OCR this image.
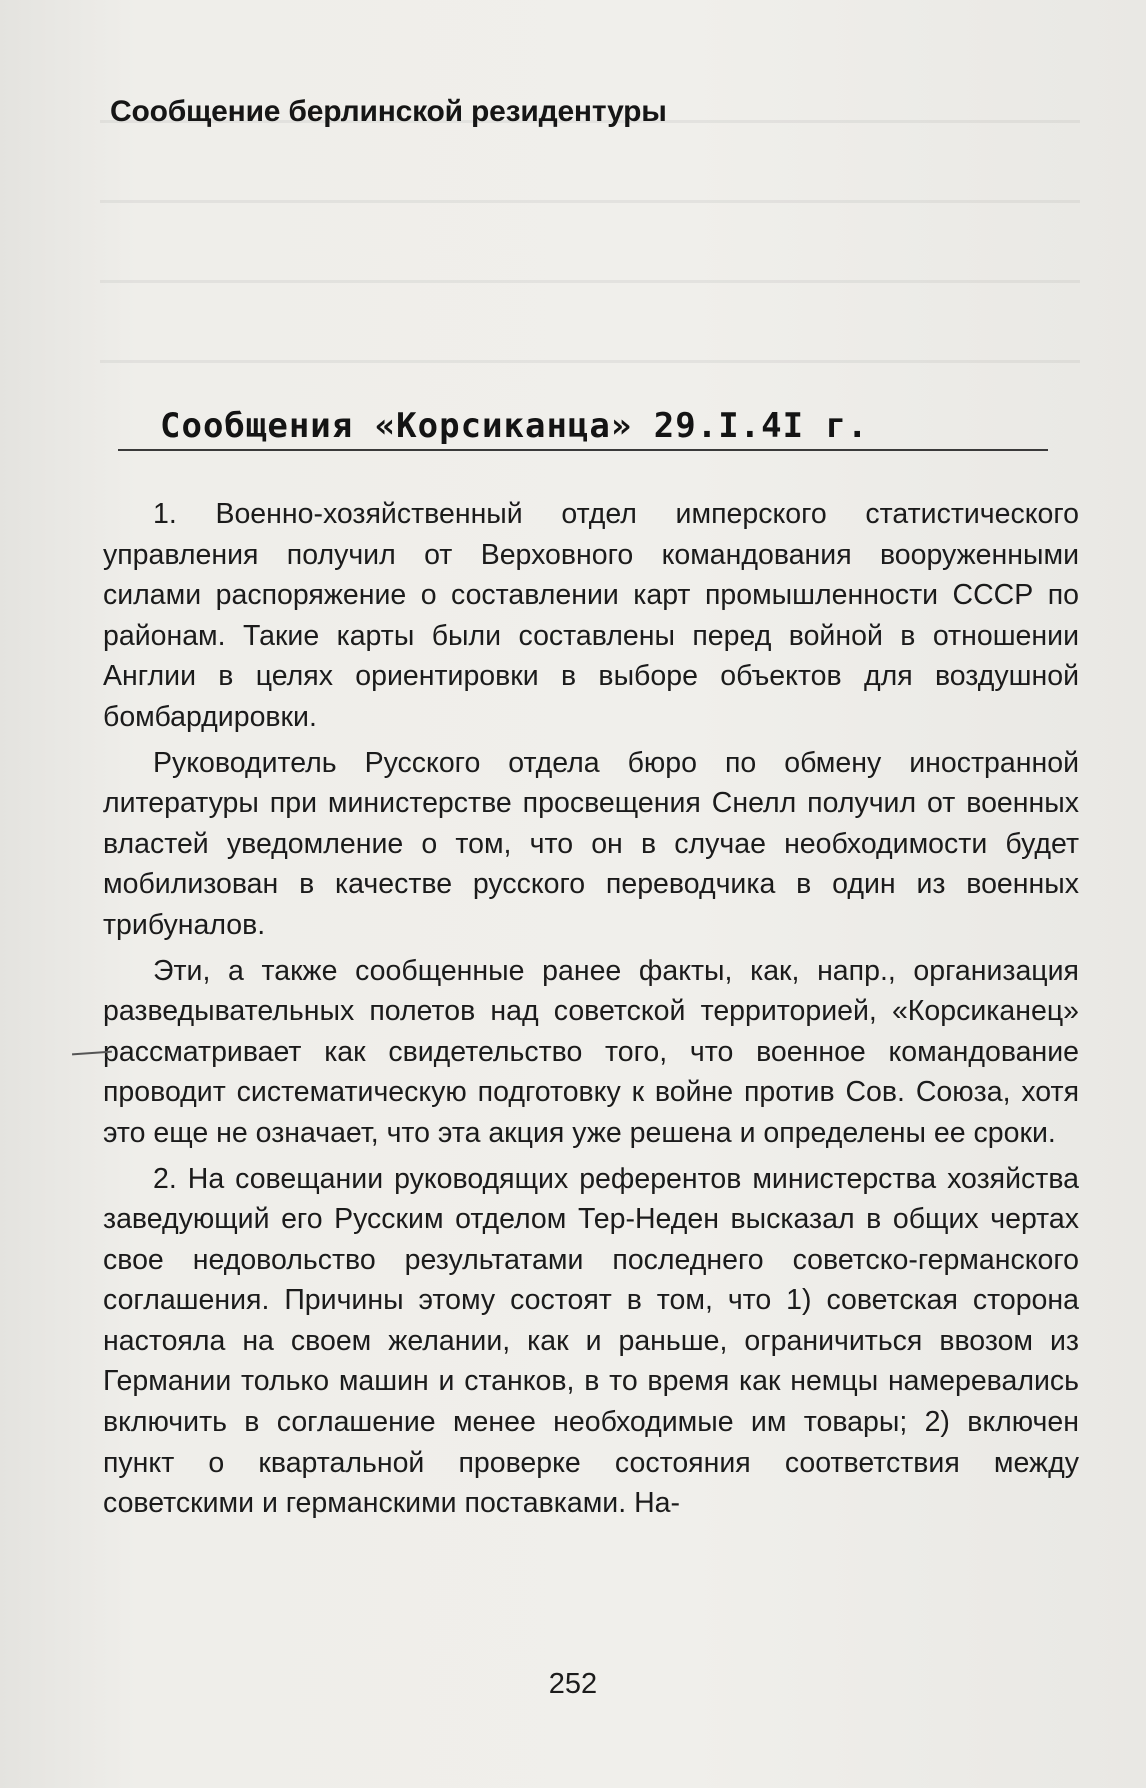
Сообщение берлинской резидентуры
Сообщения «Корсиканца» 29.I.4I г.

1. Военно-хозяйственный отдел имперского статистического управления получил от Верховного командования вооруженными силами распоряжение о составлении карт промышленности СССР по районам. Такие карты были составлены перед войной в отношении Англии в целях ориентировки в выборе объектов для воздушной бомбардировки.

Руководитель Русского отдела бюро по обмену иностранной литературы при министерстве просвещения Снелл получил от военных властей уведомление о том, что он в случае необходимости будет мобилизован в качестве русского переводчика в один из военных трибуналов.

Эти, а также сообщенные ранее факты, как, напр., организация разведывательных полетов над советской территорией, «Корсиканец» рассматривает как свидетельство того, что военное командование проводит систематическую подготовку к войне против Сов. Союза, хотя это еще не означает, что эта акция уже решена и определены ее сроки.

2. На совещании руководящих референтов министерства хозяйства заведующий его Русским отделом Тер-Неден высказал в общих чертах свое недовольство результатами последнего советско-германского соглашения. Причины этому состоят в том, что 1) советская сторона настояла на своем желании, как и раньше, ограничиться ввозом из Германии только машин и станков, в то время как немцы намеревались включить в соглашение менее необходимые им товары; 2) включен пункт о квартальной проверке состояния соответствия между советскими и германскими поставками. На-

252
